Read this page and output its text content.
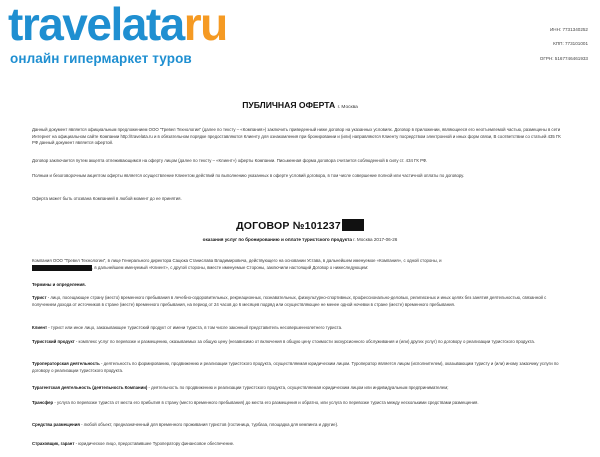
travelataru
онлайн гипермаркет туров
ИНН: 7731340252
КПП: 773101001
ОГРН: 5167746461933
ПУБЛИЧНАЯ ОФЕРТА г. Москва
Данный документ является официальным предложением ООО "Тревел Технологии" (далее по тексту – «Компания») заключить приведенный ниже договор на указанных условиях. Договор в приложении, являющееся его неотъемлемой частью, размещены в сети Интернет на официальном сайте Компании http://travelata.ru и в обязательном порядке предоставляются Клиенту для ознакомления при бронировании и (или) направляются Клиенту посредством электронной и иных форм связи, В соответствии со статьей 435 ГК РФ данный документ является офертой.
Договор заключается путем акцепта отлеживающимся на оферту лицом (далее по тексту – «Клиент») оферты Компании. Письменная форма договора считается соблюденной в силу ст. 434 ГК РФ.
Полным и безоговорочным акцептом оферты является осуществление Клиентом действий по выполнению указанных в оферте условий договора, в том числе совершение полной или частичной оплаты по договору.
Оферта может быть отозвана Компанией в любой момент до ее принятия.
ДОГОВОР №101237
оказания услуг по бронированию и оплате туристского продукта г. Москва 2017-06-26
Компания ООО "Тревел Технологии", в лице Генерального директора Сацюка Станислава Владимировича, действующего на основании Устава, в дальнейшем именуемое «Компания», с одной стороны, и
, в дальнейшем именуемый «Клиент», с другой стороны, вместе именуемые Стороны, заключили настоящий Договор о нижеследующем:
Термины и определения.
Турист - лицо, посещающее страну (место) временного пребывания в лечебно-оздоровительных, рекреационных, познавательных, физкультурно-спортивных, профессионально-деловых, религиозных и иных целях без занятия деятельностью, связанной с получением дохода от источников в стране (месте) временного пребывания, на период от 24 часов до 6 месяцев подряд или осуществляющее не менее одной ночевки в стране (месте) временного пребывания.
Клиент - турист или иное лицо, заказывающее туристский продукт от имени туриста, в том числе законный представитель несовершеннолетнего туриста.
Туристский продукт - комплекс услуг по перевозке и размещению, оказываемых за общую цену (независимо от включения в общую цену стоимости экскурсионного обслуживания и (или) других услуг) по договору о реализации туристского продукта.
Туроператорская деятельность - деятельность по формированию, продвижению и реализации туристского продукта, осуществляемая юридическим лицом. Туроператор является лицом (исполнителем), оказывающим туристу и (или) иному заказчику услуги по договору о реализации туристского продукта.
Турагентская деятельность (деятельность Компании) - деятельность по продвижению и реализации туристского продукта, осуществляемая юридическим лицом или индивидуальным предпринимателем;
Трансфер - услуга по перевозке туриста от места его прибытия в страну (место временного пребывания) до места его размещения и обратно, или услуга по перевозке туриста между несколькими средствами размещения.
Средства размещения - любой объект, предназначенный для временного проживания туристов (гостиница, турбаза, площадка для кемпинга и другие).
Страховщик, гарант - юридическое лицо, предоставившее Туроператору финансовое обеспечение.
